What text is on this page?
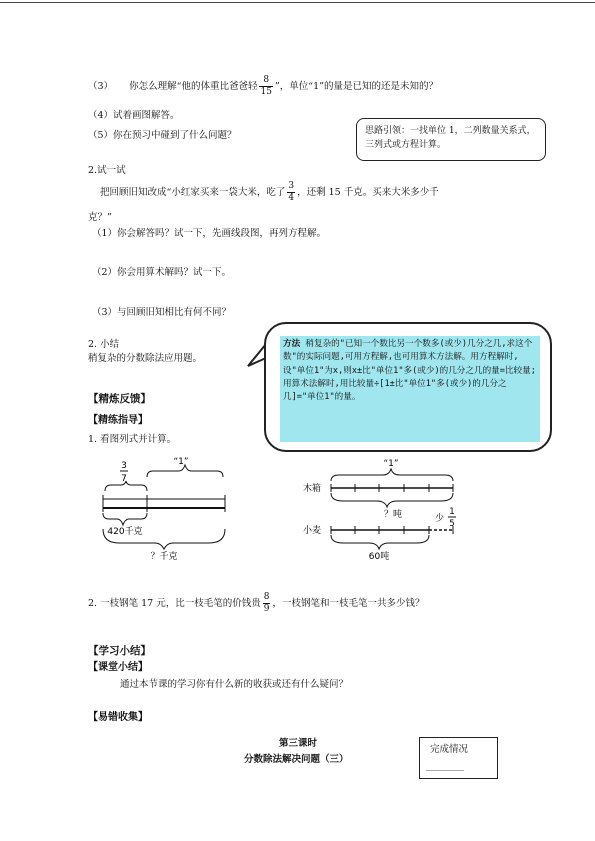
（3） 你怎么理解“他的体重比爸爸轻 $\frac{8}{15}$ ”，单位“1”的量是已知的还是未知的？
（4）试着画图解答。
（5）你在预习中碰到了什么问题？	思路引领：一找单位 1，二列数量关系式，三列式或方程计算。
2.试一试
把回顾旧知改成“小红家买来一袋大米，吃了 $\frac{3}{4}$ ，还剩 15 千克。买来大米多少千
克？”
（1）你会解答吗？试一下，先画线段图，再列方程解。
（2）你会用算术解吗？试一下。
（3）与回顾旧知相比有何不同？
2. 小结
稍复杂的分数除法应用题。
方法 稍复杂的"已知一个数比另一个数多(或少)几分之几,求这个数"的实际问题,可用方程解,也可用算术方法解。用方程解时,设"单位1"为x,则x±比"单位1"多(或少)的几分之几的量=比较量;用算术法解时,用比较量÷[1±比"单位1"多(或少)的几分之几]="单位1"的量。
【精炼反馈】
【精练指导】
1. 看图列式并计算。
“1”
3
7
420千克
？千克
“1”
木箱
？吨	少
1
5
小麦
60吨
2. 一枝钢笔 17 元，比一枝毛笔的价钱贵 $\frac{8}{9}$ ，一枝钢笔和一枝毛笔一共多少钱？
【学习小结】
【课堂小结】
通过本节课的学习你有什么新的收获或还有什么疑问？
【易错收集】
第三课时
分数除法解决问题（三）
完成情况
________
